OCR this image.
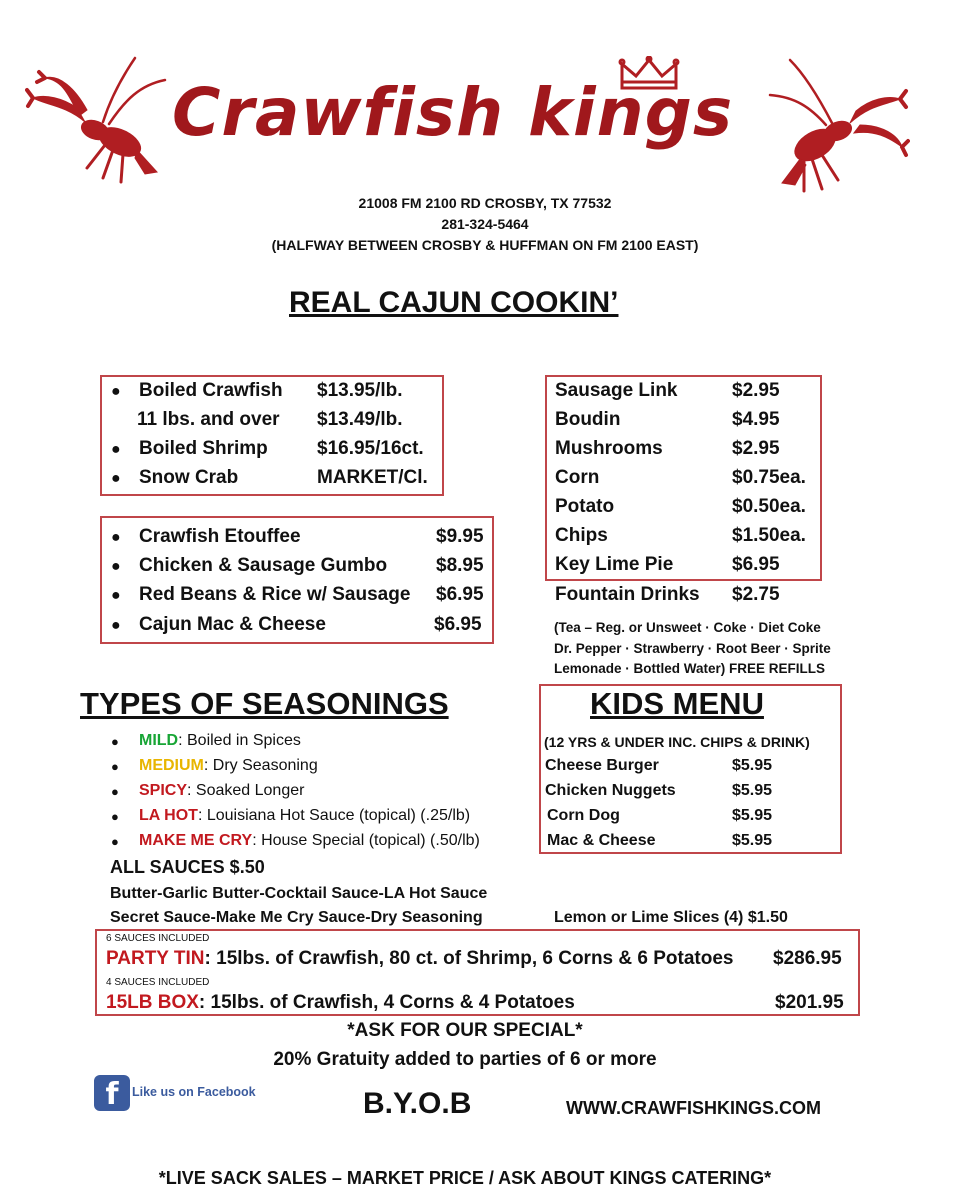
Crawfish kings
21008 FM 2100 RD CROSBY, TX 77532
281-324-5464
(HALFWAY BETWEEN CROSBY & HUFFMAN ON FM 2100 EAST)
REAL CAJUN COOKIN’
● Boiled Crawfish $13.95/lb.
11 lbs. and over $13.49/lb.
● Boiled Shrimp	$16.95/16ct.
● Snow Crab	MARKET/Cl.
● Crawfish Etouffee	$9.95
● Chicken & Sausage Gumbo	$8.95
● Red Beans & Rice w/ Sausage $6.95
● Cajun Mac & Cheese	$6.95
Sausage Link	$2.95
Boudin	$4.95
Mushrooms	$2.95
Corn	$0.75ea.
Potato	$0.50ea.
Chips	$1.50ea.
Key Lime Pie	$6.95
Fountain Drinks $2.75
(Tea – Reg. or Unsweet · Coke · Diet Coke
Dr. Pepper · Strawberry · Root Beer · Sprite
Lemonade · Bottled Water) FREE REFILLS
TYPES OF SEASONINGS
● MILD: Boiled in Spices
● MEDIUM: Dry Seasoning
● SPICY: Soaked Longer
● LA HOT: Louisiana Hot Sauce (topical) (.25/lb)
● MAKE ME CRY: House Special (topical) (.50/lb)
ALL SAUCES $.50
Butter-Garlic Butter-Cocktail Sauce-LA Hot Sauce
Secret Sauce-Make Me Cry Sauce-Dry Seasoning	Lemon or Lime Slices (4) $1.50
KIDS MENU
(12 YRS & UNDER INC. CHIPS & DRINK)
Cheese Burger	$5.95
Chicken Nuggets	$5.95
Corn Dog	$5.95
Mac & Cheese	$5.95
6 SAUCES INCLUDED
PARTY TIN: 15lbs. of Crawfish, 80 ct. of Shrimp, 6 Corns & 6 Potatoes $286.95
4 SAUCES INCLUDED
15LB BOX: 15lbs. of Crawfish, 4 Corns & 4 Potatoes	$201.95
*ASK FOR OUR SPECIAL*
20% Gratuity added to parties of 6 or more
f	Like us on Facebook	B.Y.O.B	WWW.CRAWFISHKINGS.COM
*LIVE SACK SALES – MARKET PRICE / ASK ABOUT KINGS CATERING*
